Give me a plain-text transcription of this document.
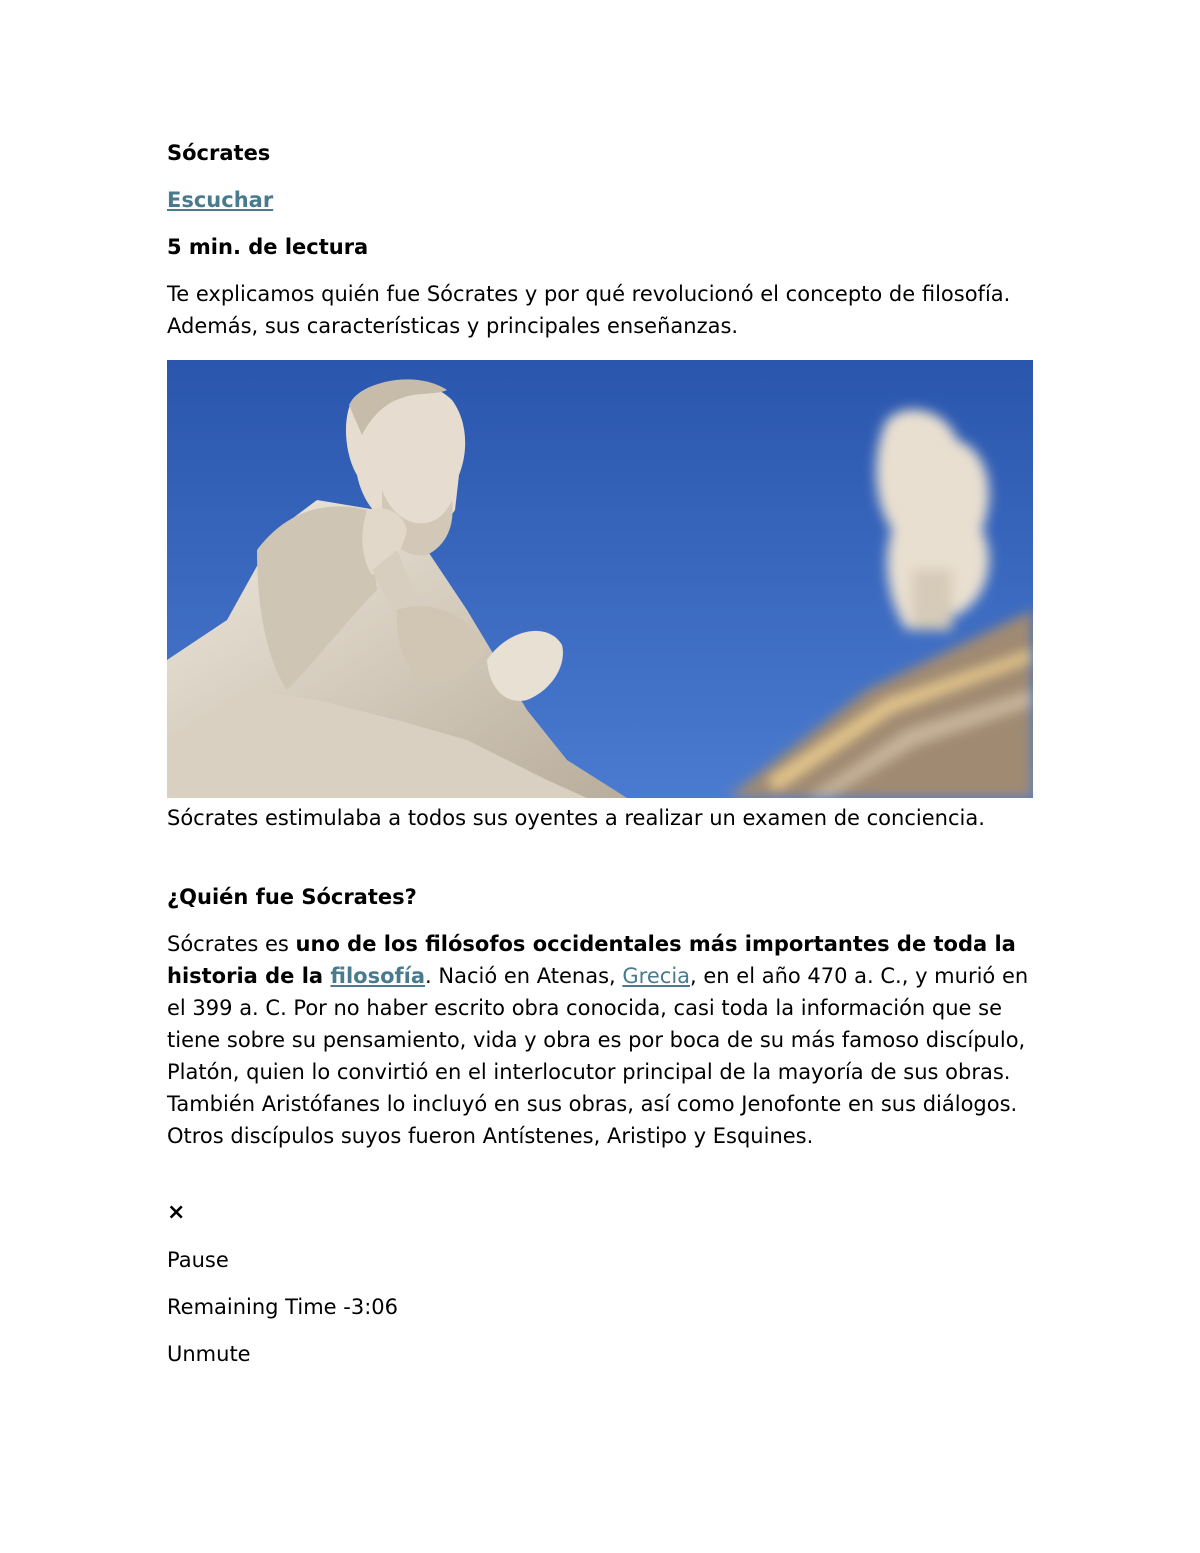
Sócrates
Escuchar
5 min. de lectura
Te explicamos quién fue Sócrates y por qué revolucionó el concepto de filosofía. Además, sus características y principales enseñanzas.
Sócrates estimulaba a todos sus oyentes a realizar un examen de conciencia.
¿Quién fue Sócrates?
Sócrates es uno de los filósofos occidentales más importantes de toda la historia de la filosofía. Nació en Atenas, Grecia, en el año 470 a. C., y murió en el 399 a. C. Por no haber escrito obra conocida, casi toda la información que se tiene sobre su pensamiento, vida y obra es por boca de su más famoso discípulo, Platón, quien lo convirtió en el interlocutor principal de la mayoría de sus obras. También Aristófanes lo incluyó en sus obras, así como Jenofonte en sus diálogos. Otros discípulos suyos fueron Antístenes, Aristipo y Esquines.
×
Pause
Remaining Time -3:06
Unmute
